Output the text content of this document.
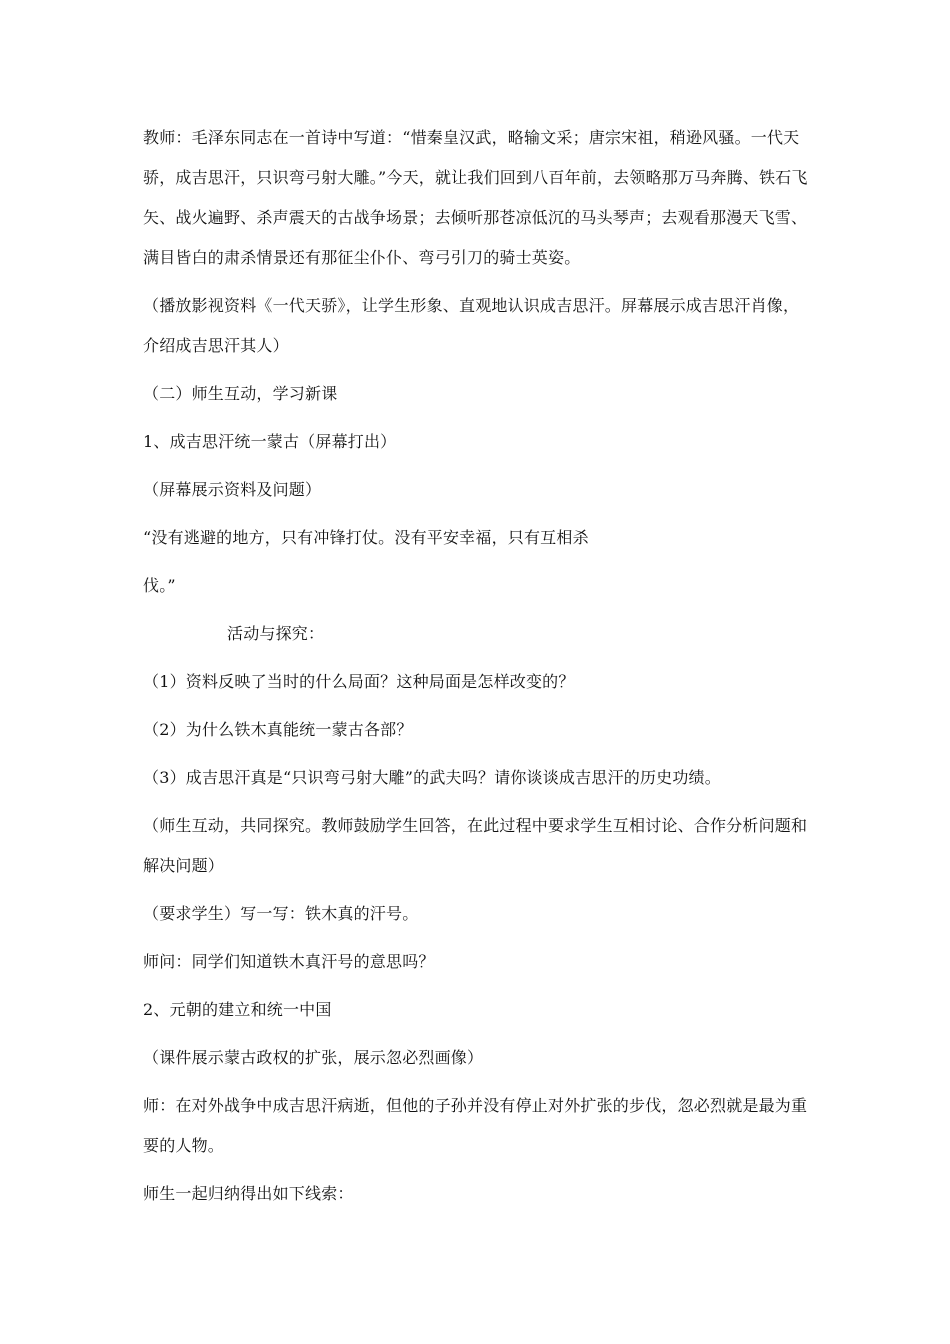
教师：毛泽东同志在一首诗中写道：“惜秦皇汉武，略输文采；唐宗宋祖，稍逊风骚。一代天骄，成吉思汗，只识弯弓射大雕。”今天，就让我们回到八百年前，去领略那万马奔腾、铁石飞矢、战火遍野、杀声震天的古战争场景；去倾听那苍凉低沉的马头琴声；去观看那漫天飞雪、满目皆白的肃杀情景还有那征尘仆仆、弯弓引刀的骑士英姿。

（播放影视资料《一代天骄》，让学生形象、直观地认识成吉思汗。屏幕展示成吉思汗肖像，介绍成吉思汗其人）

（二）师生互动，学习新课

1、成吉思汗统一蒙古（屏幕打出）

（屏幕展示资料及问题）

“没有逃避的地方，只有冲锋打仗。没有平安幸福，只有互相杀

伐。”

活动与探究：

（1）资料反映了当时的什么局面？这种局面是怎样改变的？

（2）为什么铁木真能统一蒙古各部？

（3）成吉思汗真是“只识弯弓射大雕”的武夫吗？请你谈谈成吉思汗的历史功绩。

（师生互动，共同探究。教师鼓励学生回答，在此过程中要求学生互相讨论、合作分析问题和解决问题）

（要求学生）写一写：铁木真的汗号。

师问：同学们知道铁木真汗号的意思吗？

2、元朝的建立和统一中国

（课件展示蒙古政权的扩张，展示忽必烈画像）

师：在对外战争中成吉思汗病逝，但他的子孙并没有停止对外扩张的步伐，忽必烈就是最为重要的人物。

师生一起归纳得出如下线索：
